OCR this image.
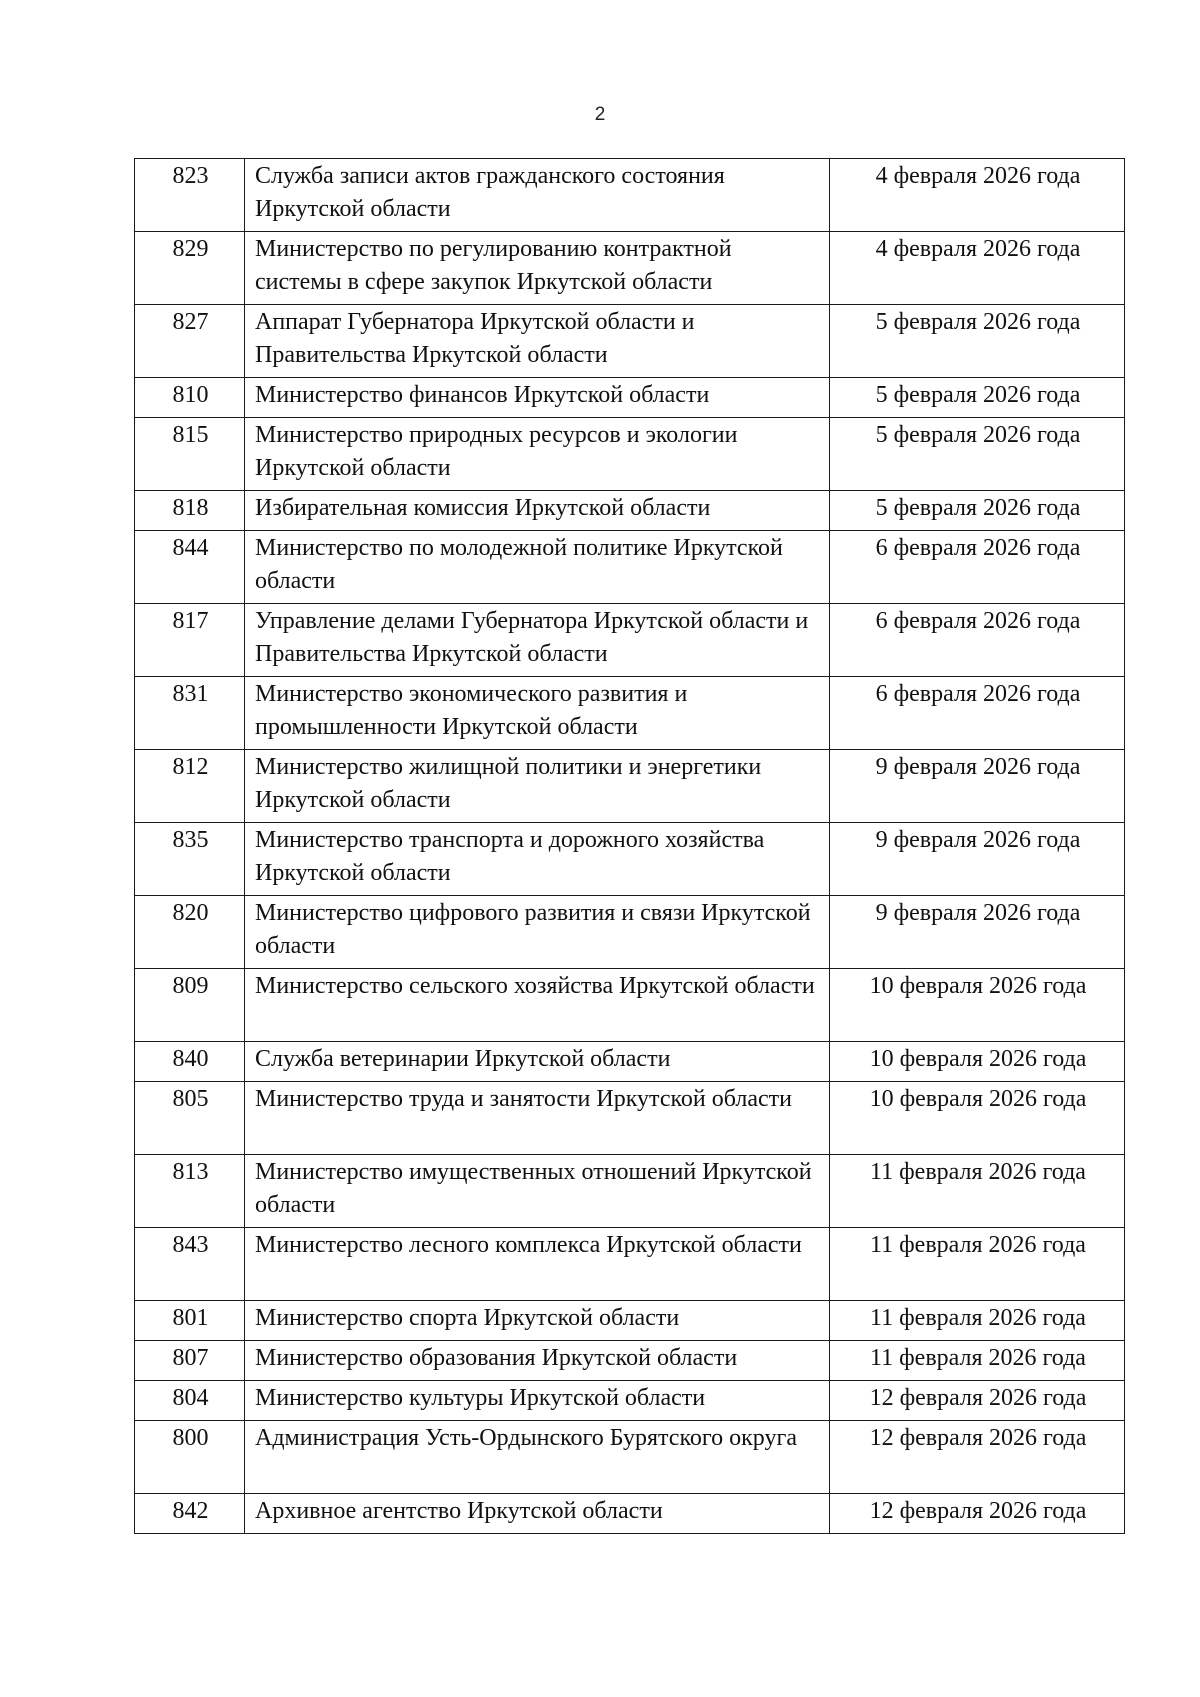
2
823	Служба записи актов гражданского состояния Иркутской области	4 февраля 2026 года
829	Министерство по регулированию контрактной системы в сфере закупок Иркутской области	4 февраля 2026 года
827	Аппарат Губернатора Иркутской области и Правительства Иркутской области	5 февраля 2026 года
810	Министерство финансов Иркутской области	5 февраля 2026 года
815	Министерство природных ресурсов и экологии Иркутской области	5 февраля 2026 года
818	Избирательная комиссия Иркутской области	5 февраля 2026 года
844	Министерство по молодежной политике Иркутской области	6 февраля 2026 года
817	Управление делами Губернатора Иркутской области и Правительства Иркутской области	6 февраля 2026 года
831	Министерство экономического развития и промышленности Иркутской области	6 февраля 2026 года
812	Министерство жилищной политики и энергетики Иркутской области	9 февраля 2026 года
835	Министерство транспорта и дорожного хозяйства Иркутской области	9 февраля 2026 года
820	Министерство цифрового развития и связи Иркутской области	9 февраля 2026 года
809	Министерство сельского хозяйства Иркутской области	10 февраля 2026 года
840	Служба ветеринарии Иркутской области	10 февраля 2026 года
805	Министерство труда и занятости Иркутской области	10 февраля 2026 года
813	Министерство имущественных отношений Иркутской области	11 февраля 2026 года
843	Министерство лесного комплекса Иркутской области	11 февраля 2026 года
801	Министерство спорта Иркутской области	11 февраля 2026 года
807	Министерство образования Иркутской области	11 февраля 2026 года
804	Министерство культуры Иркутской области	12 февраля 2026 года
800	Администрация Усть-Ордынского Бурятского округа	12 февраля 2026 года
842	Архивное агентство Иркутской области	12 февраля 2026 года
